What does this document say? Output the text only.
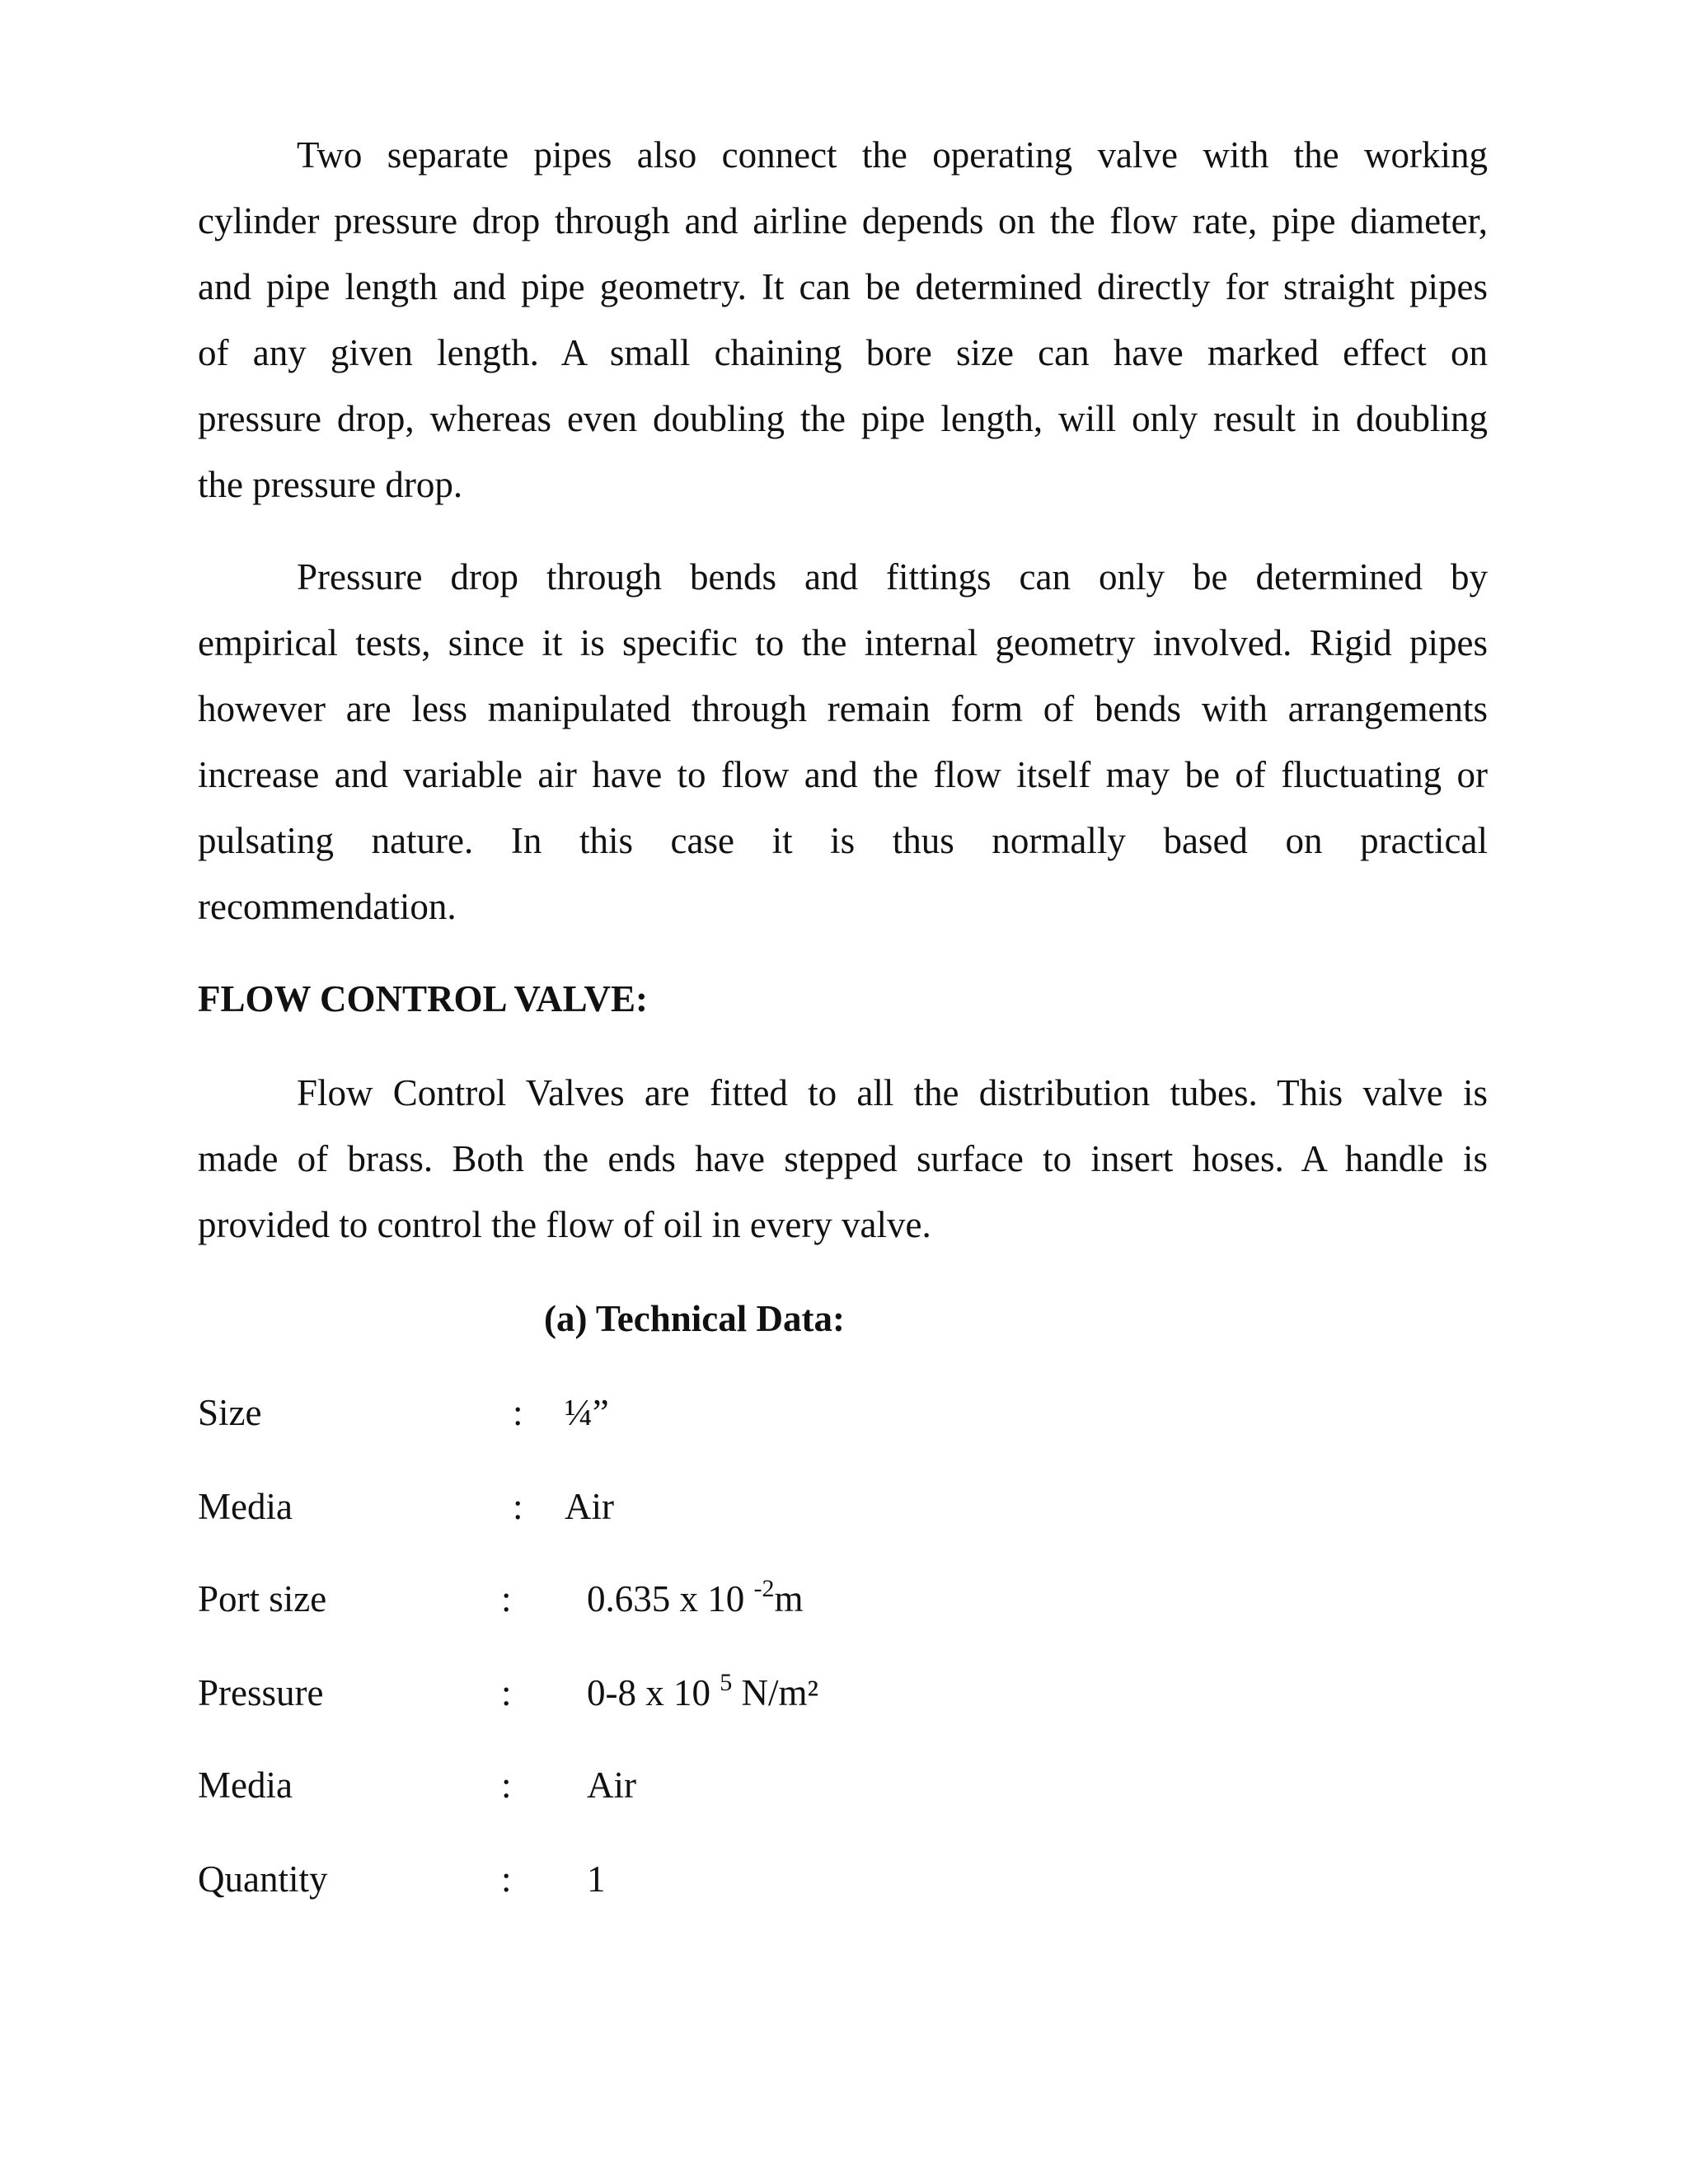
Two separate pipes also connect the operating valve with the working
cylinder pressure drop through and airline depends on the flow rate, pipe diameter,
and pipe length and pipe geometry. It can be determined directly for straight pipes
of any given length. A small chaining bore size can have marked effect on
pressure drop, whereas even doubling the pipe length, will only result in doubling
the pressure drop.
Pressure drop through bends and fittings can only be determined by
empirical tests, since it is specific to the internal geometry involved. Rigid pipes
however are less manipulated through remain form of bends with arrangements
increase and variable air have to flow and the flow itself may be of fluctuating or
pulsating nature. In this case it is thus normally based on practical
recommendation.
FLOW CONTROL VALVE:
Flow Control Valves are fitted to all the distribution tubes. This valve is
made of brass. Both the ends have stepped surface to insert hoses. A handle is
provided to control the flow of oil in every valve.
(a) Technical Data:
Size	: ¼”
Media	: Air
Port size	: 0.635 x 10 $^{-2}$m
Pressure	: 0-8 x 10 $^5$ N/m²
Media	: Air
Quantity	: 1
